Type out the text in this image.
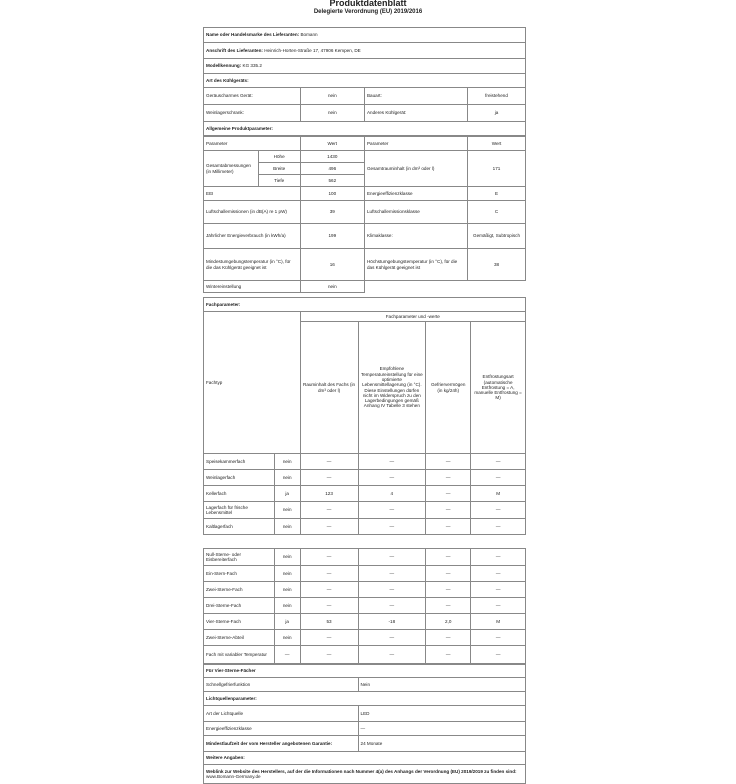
Produktdatenblatt
Delegierte Verordnung (EU) 2019/2016
Name oder Handelsmarke des Lieferanten: Bomann			
Anschrift des Lieferanten: Heinrich-Horten-Straße 17, 47906 Kempen, DE			
Modellkennung: KG 335.2			
Art des Kühlgeräts:			
Geräuscharmes Gerät:	nein	Bauart:	freistehend
Weinlagerschrank:	nein	Anderes Kühlgerät:	ja
Allgemeine Produktparameter:			
Parameter		Wert	Parameter	Wert
Gesamtabmessungen (in Millimeter)	Höhe	1430	Gesamtrauminhalt (in dm³ oder l)	171
	Breite	496		
	Tiefe	562		
EEI		100	Energieeffizienzklasse	E
Luftschallemissionen (in dB(A) re 1 pW)		39	Luftschallemissionsklasse	C
Jährlicher Energieverbrauch (in kWh/a)		199	Klimaklasse:	Gemäßigt, Subtropisch
Mindestumgebungstemperatur (in °C), für die das Kühlgerät geeignet ist		16	Höchstumgebungstemperatur (in °C), für die das Kühlgerät geeignet ist	38
Wintereinstellung		nein		
Fachparameter:					
Fachtyp		Fachparameter und -werte			
		Rauminhalt des Fachs (in dm³ oder l)	Empfohlene Temperatureinstellung für eine optimierte Lebensmittellagerung (in °C). Diese Einstellungen dürfen nicht im Widerspruch zu den Lagerbedingungen gemäß Anhang IV Tabelle 3 stehen	Gefriervermögen (in kg/24h)	Entfrostungsart (automatische Entfrostung = A, manuelle Entfrostung = M)
Speisekammerfach	nein	—	—	—	—
Weinlagerfach	nein	—	—	—	—
Kellerfach	ja	123	4	—	M
Lagerfach für frische Lebensmittel	nein	—	—	—	—
Kaltlagerfach	nein	—	—	—	—
Null-Sterne- oder Eisbereiterfach	nein	—	—	—	—
Ein-Stern-Fach	nein	—	—	—	—
Zwei-Sterne-Fach	nein	—	—	—	—
Drei-Sterne-Fach	nein	—	—	—	—
Vier-Sterne-Fach	ja	53	-18	2,0	M
Zwei-Sterne-Abteil	nein	—	—	—	—
Fach mit variabler Temperatur	—	—	—	—	—
Für Vier-Sterne-Fächer	
Schnellgefrierfunktion	Nein
Lichtquellenparameter:	
Art der Lichtquelle	LED
Energieeffizienzklasse	—
Mindestlaufzeit der vom Hersteller angebotenen Garantie:	24 Monate
Weitere Angaben:	
Weblink zur Website des Herstellers, auf der die Informationen nach Nummer 4(a) des Anhangs der Verordnung (EU) 2019/2019 zu finden sind: www.Bomann-Germany.de	
